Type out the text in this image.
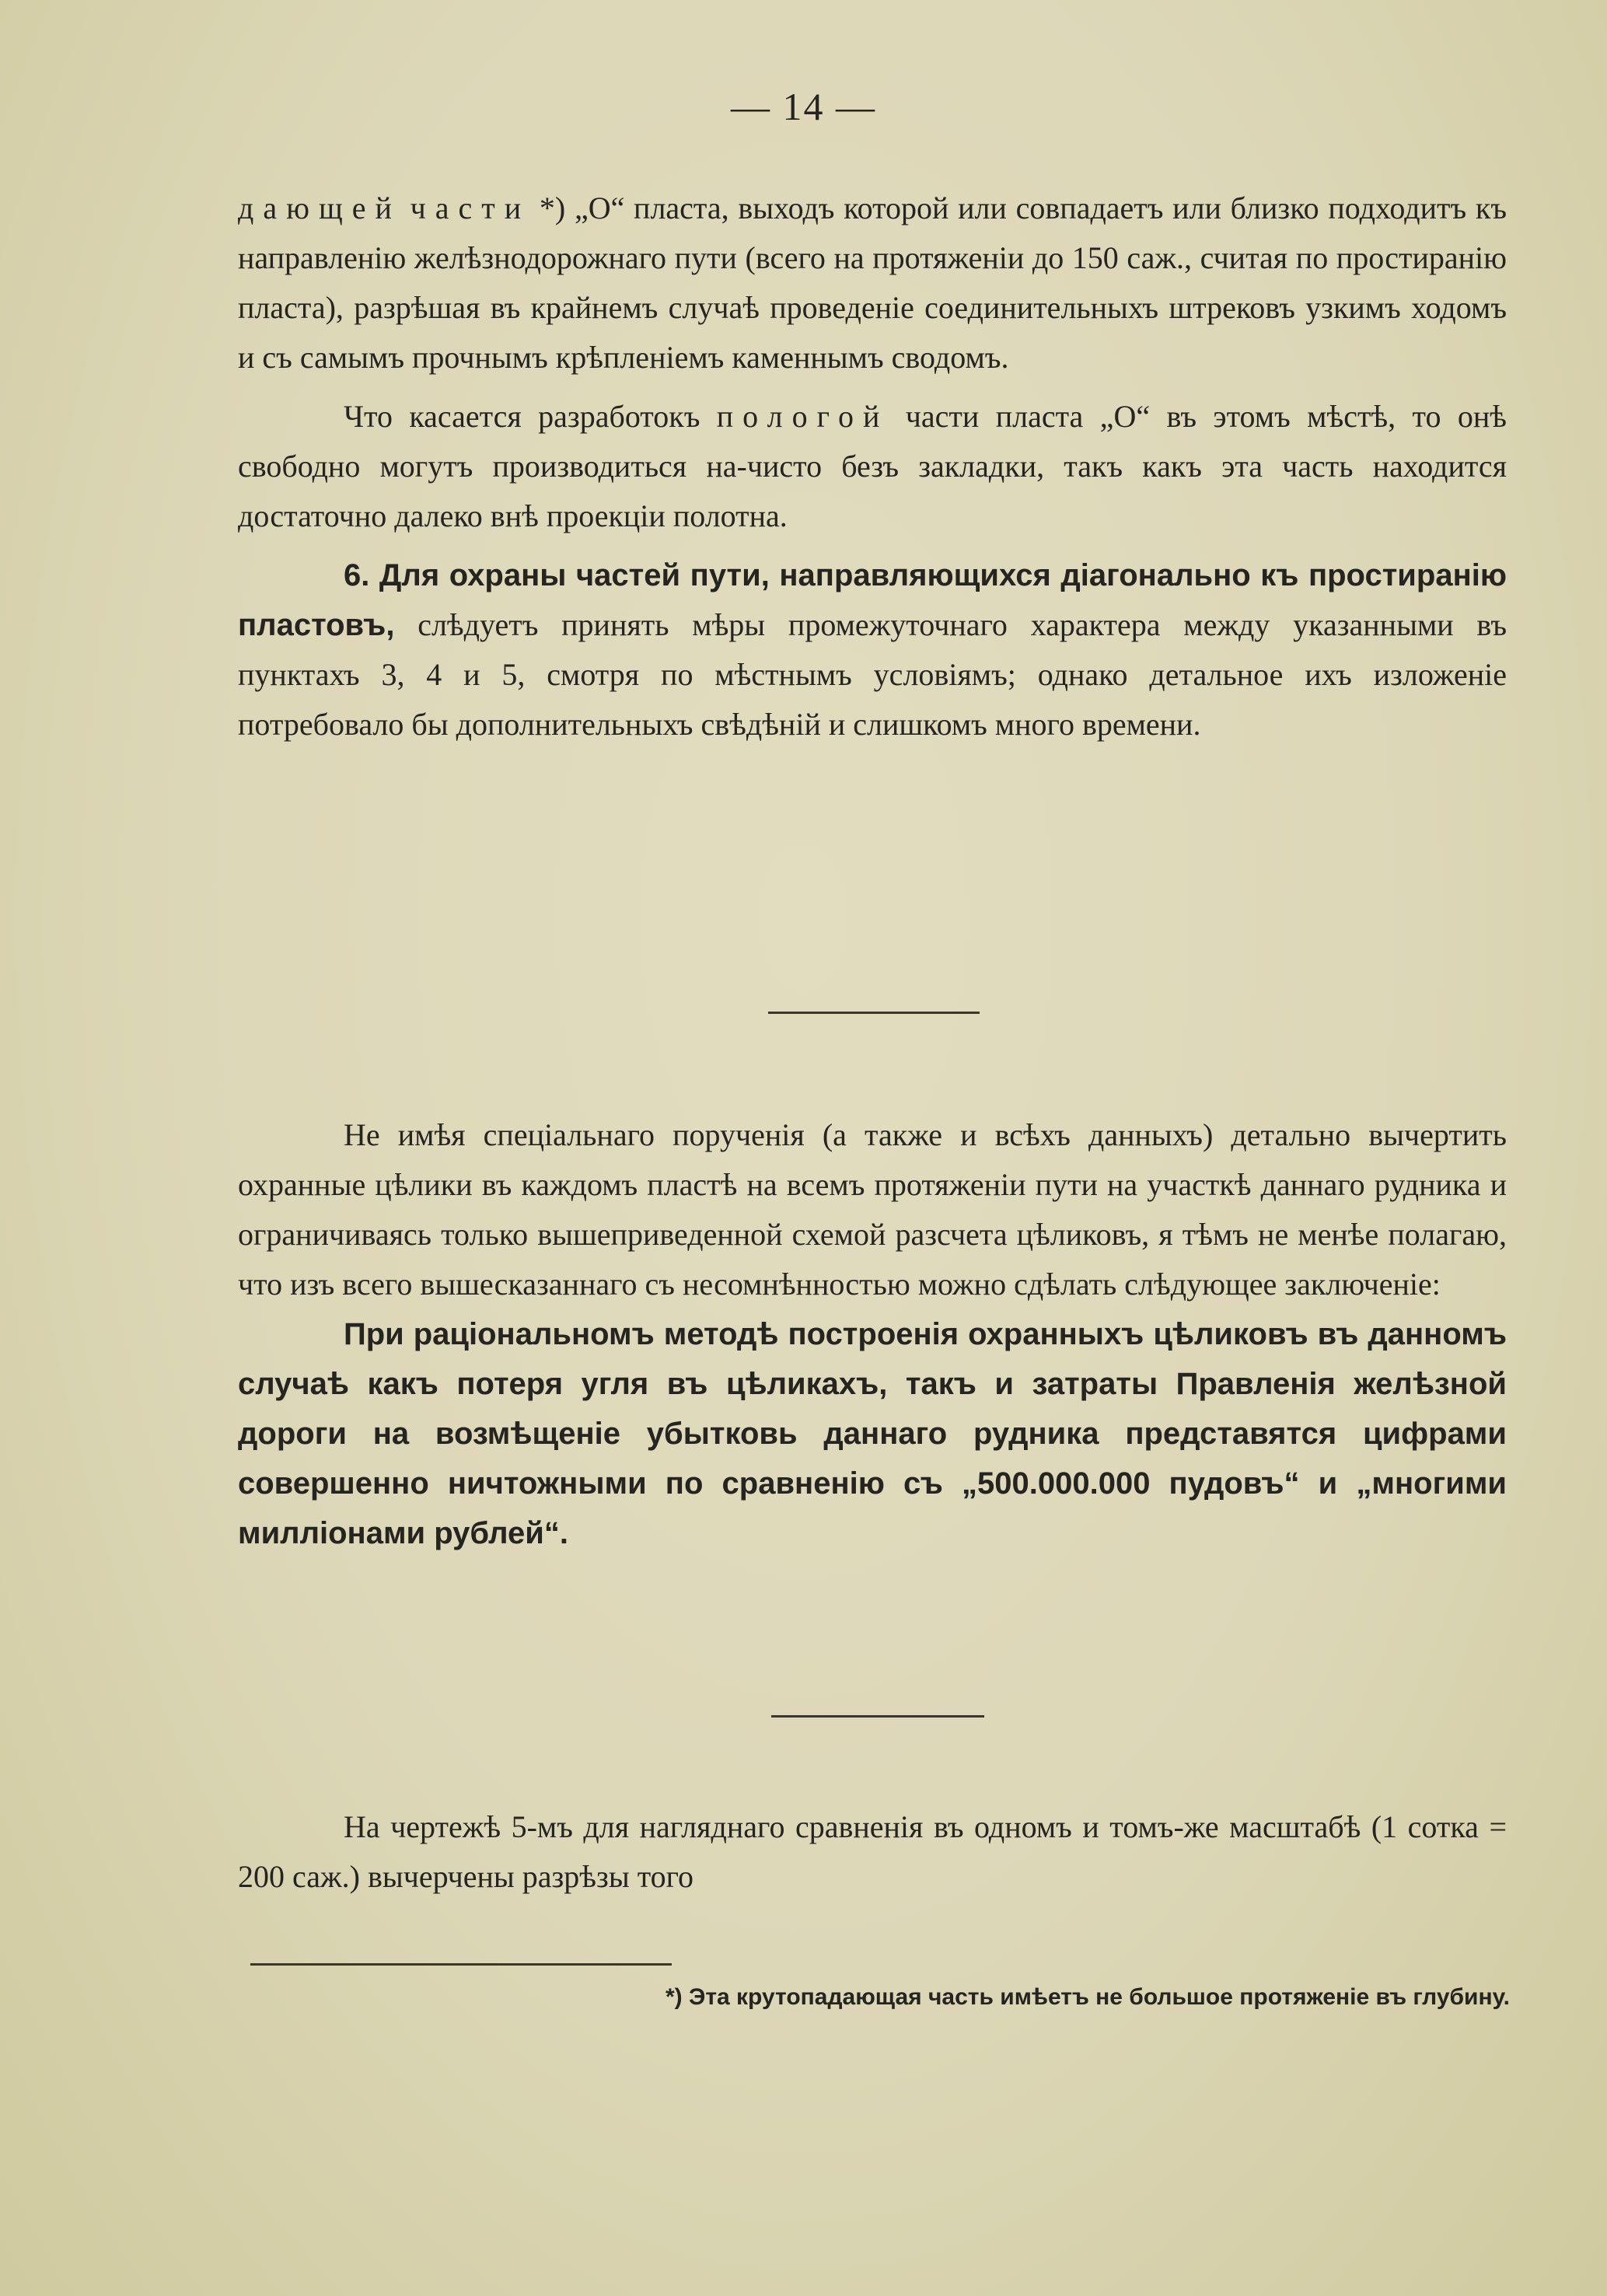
— 14 —

дающей части *) „О“ пласта, выходъ которой или совпадаетъ или близко подходитъ къ направленію желѣзнодорожнаго пути (всего на протяженіи до 150 саж., считая по простиранію пласта), разрѣшая въ крайнемъ случаѣ проведеніе соединительныхъ штрековъ узкимъ ходомъ и съ самымъ прочнымъ крѣпленіемъ каменнымъ сводомъ.

Что касается разработокъ пологой части пласта „О“ въ этомъ мѣстѣ, то онѣ свободно могутъ производиться на-чисто безъ закладки, такъ какъ эта часть находится достаточно далеко внѣ проекціи полотна.

6. Для охраны частей пути, направляющихся діагонально къ простиранію пластовъ, слѣдуетъ принять мѣры промежуточнаго характера между указанными въ пунктахъ 3, 4 и 5, смотря по мѣстнымъ условіямъ; однако детальное ихъ изложеніе потребовало бы дополнительныхъ свѣдѣній и слишкомъ много времени.

Не имѣя спеціальнаго порученія (а также и всѣхъ данныхъ) детально вычертить охранные цѣлики въ каждомъ пластѣ на всемъ протяженіи пути на участкѣ даннаго рудника и ограничиваясь только вышеприведенной схемой разсчета цѣликовъ, я тѣмъ не менѣе полагаю, что изъ всего вышесказаннаго съ несомнѣнностью можно сдѣлать слѣдующее заключеніе:

При раціональномъ методѣ построенія охранныхъ цѣликовъ въ данномъ случаѣ какъ потеря угля въ цѣликахъ, такъ и затраты Правленія желѣзной дороги на возмѣщеніе убытковь даннаго рудника представятся цифрами совершенно ничтожными по сравненію съ „500.000.000 пудовъ“ и „многими милліонами рублей“.

На чертежѣ 5-мъ для нагляднаго сравненія въ одномъ и томъ-же масштабѣ (1 сотка = 200 саж.) вычерчены разрѣзы того

*) Эта крутопадающая часть имѣетъ не большое протяженіе въ глубину.
